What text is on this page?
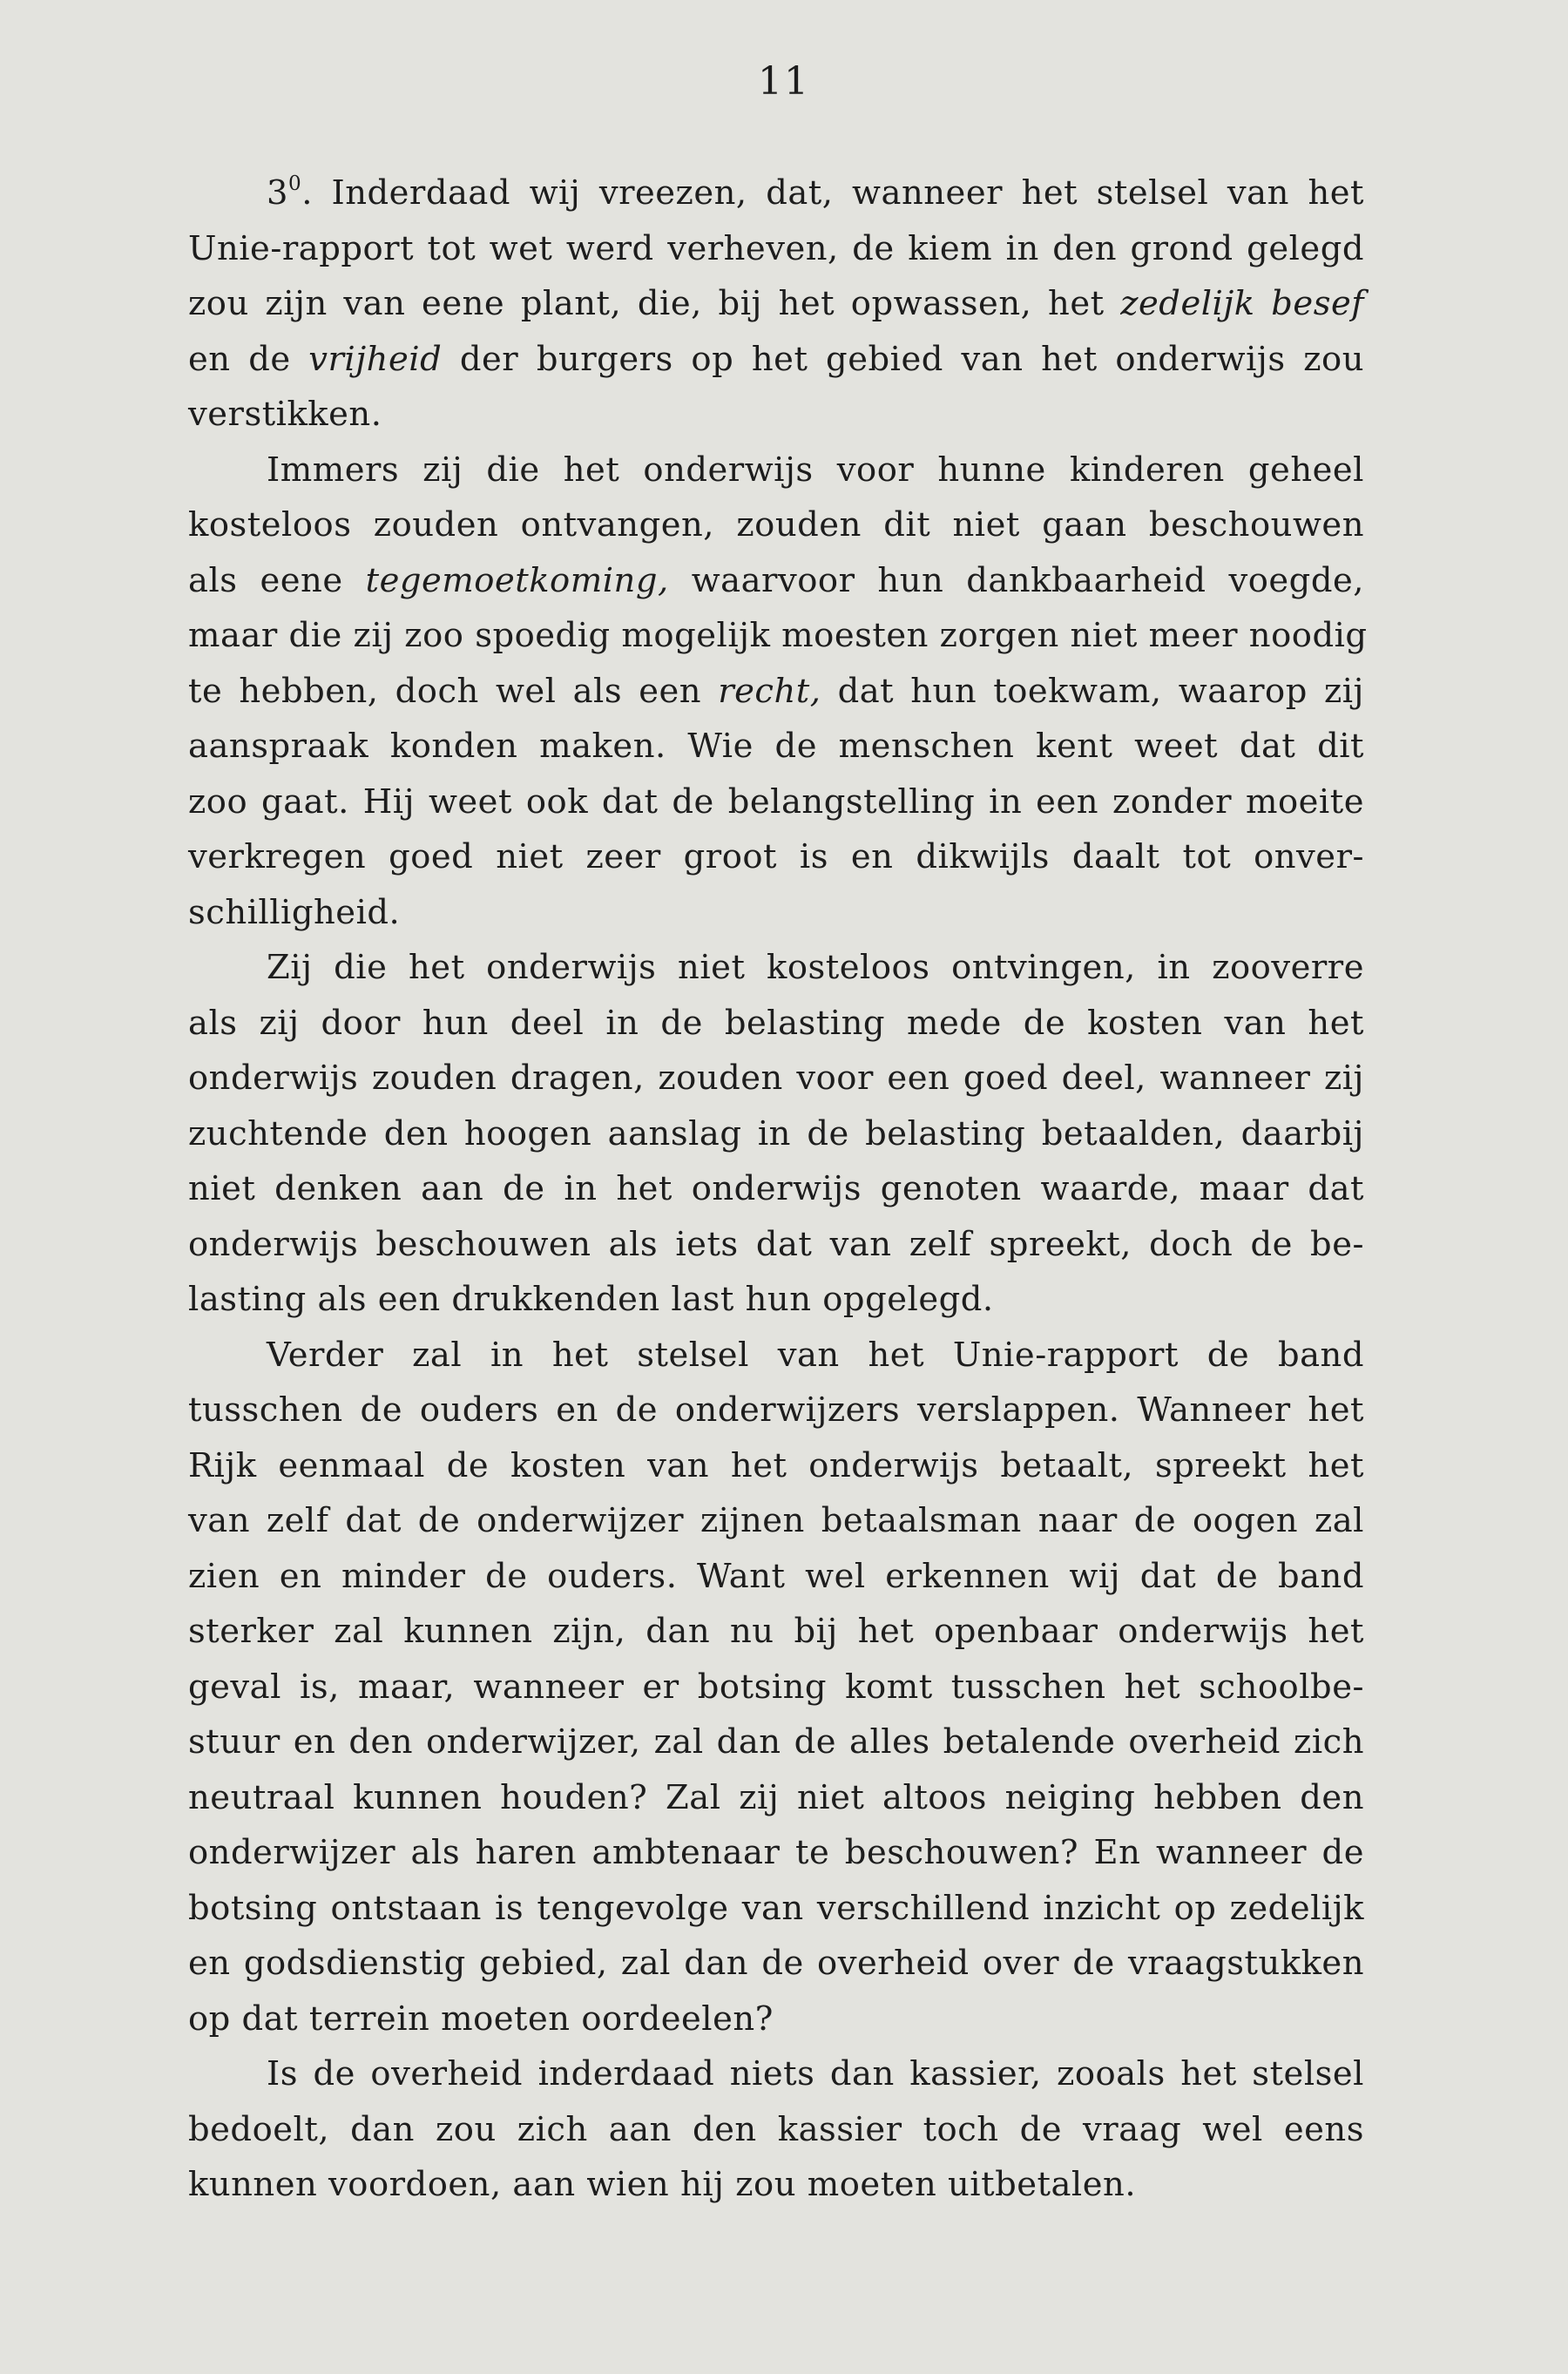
11
$3^0$. Inderdaad wij vreezen, dat, wanneer het stelsel van het
Unie-rapport tot wet werd verheven, de kiem in den grond gelegd
zou zijn van eene plant, die, bij het opwassen, het zedelijk besef
en de vrijheid der burgers op het gebied van het onderwijs zou
verstikken.
Immers zij die het onderwijs voor hunne kinderen geheel
kosteloos zouden ontvangen, zouden dit niet gaan beschouwen
als eene tegemoetkoming, waarvoor hun dankbaarheid voegde,
maar die zij zoo spoedig mogelijk moesten zorgen niet meer noodig
te hebben, doch wel als een recht, dat hun toekwam, waarop zij
aanspraak konden maken. Wie de menschen kent weet dat dit
zoo gaat. Hij weet ook dat de belangstelling in een zonder moeite
verkregen goed niet zeer groot is en dikwijls daalt tot onver-
schilligheid.
Zij die het onderwijs niet kosteloos ontvingen, in zooverre
als zij door hun deel in de belasting mede de kosten van het
onderwijs zouden dragen, zouden voor een goed deel, wanneer zij
zuchtende den hoogen aanslag in de belasting betaalden, daarbij
niet denken aan de in het onderwijs genoten waarde, maar dat
onderwijs beschouwen als iets dat van zelf spreekt, doch de be-
lasting als een drukkenden last hun opgelegd.
Verder zal in het stelsel van het Unie-rapport de band
tusschen de ouders en de onderwijzers verslappen. Wanneer het
Rijk eenmaal de kosten van het onderwijs betaalt, spreekt het
van zelf dat de onderwijzer zijnen betaalsman naar de oogen zal
zien en minder de ouders. Want wel erkennen wij dat de band
sterker zal kunnen zijn, dan nu bij het openbaar onderwijs het
geval is, maar, wanneer er botsing komt tusschen het schoolbe-
stuur en den onderwijzer, zal dan de alles betalende overheid zich
neutraal kunnen houden? Zal zij niet altoos neiging hebben den
onderwijzer als haren ambtenaar te beschouwen? En wanneer de
botsing ontstaan is tengevolge van verschillend inzicht op zedelijk
en godsdienstig gebied, zal dan de overheid over de vraagstukken
op dat terrein moeten oordeelen?
Is de overheid inderdaad niets dan kassier, zooals het stelsel
bedoelt, dan zou zich aan den kassier toch de vraag wel eens
kunnen voordoen, aan wien hij zou moeten uitbetalen.
